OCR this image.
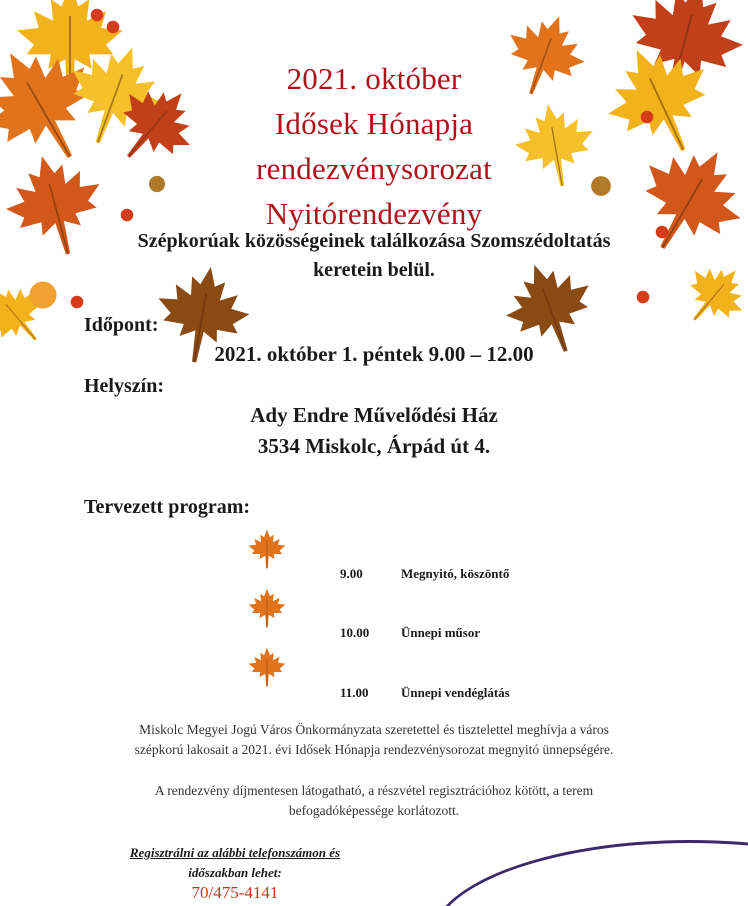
2021. október
Idősek Hónapja
rendezvénysorozat
Nyitórendezvény
Szépkorúak közösségeinek találkozása Szomszédoltatás
keretein belül.
Időpont:
2021. október 1. péntek 9.00 – 12.00
Helyszín:
Ady Endre Művelődési Ház
3534 Miskolc, Árpád út 4.
Tervezett program:
9.00	Megnyitó, köszöntő
10.00 Ünnepi műsor
11.00 Ünnepi vendéglátás
Miskolc Megyei Jogú Város Önkormányzata szeretettel és tisztelettel meghívja a város
szépkorú lakosait a 2021. évi Idősek Hónapja rendezvénysorozat megnyitó ünnepségére.
A rendezvény díjmentesen látogatható, a részvétel regisztrációhoz kötött, a terem
befogadóképessége korlátozott.
Regisztrálni az alábbi telefonszámon és
időszakban lehet:
70/475-4141
